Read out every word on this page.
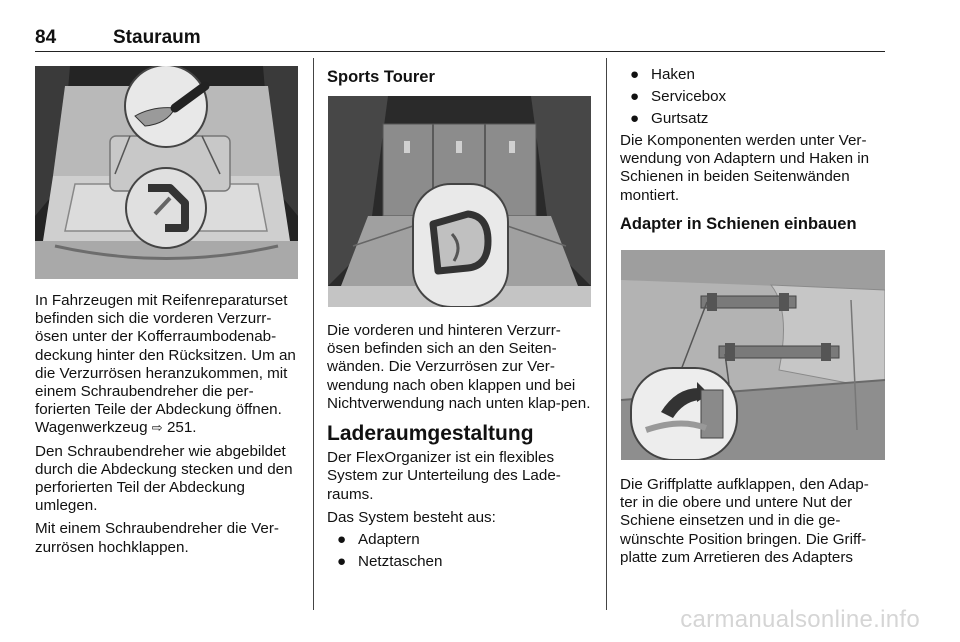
84	Stauraum

In Fahrzeugen mit Reifenreparaturset befinden sich die vorderen Verzurr-ösen unter der Kofferraumbodenab-deckung hinter den Rücksitzen. Um an die Verzurrösen heranzukommen, mit einem Schraubendreher die per-forierten Teile der Abdeckung öffnen. Wagenwerkzeug ⇨ 251.

Den Schraubendreher wie abgebildet durch die Abdeckung stecken und den perforierten Teil der Abdeckung umlegen.

Mit einem Schraubendreher die Ver-zurrösen hochklappen.

Sports Tourer

Die vorderen und hinteren Verzurr-ösen befinden sich an den Seiten-wänden. Die Verzurrösen zur Ver-wendung nach oben klappen und bei Nichtverwendung nach unten klap-pen.

Laderaumgestaltung

Der FlexOrganizer ist ein flexibles System zur Unterteilung des Lade-raums.

Das System besteht aus:

● Adaptern
● Netztaschen
● Haken
● Servicebox
● Gurtsatz

Die Komponenten werden unter Ver-wendung von Adaptern und Haken in Schienen in beiden Seitenwänden montiert.

Adapter in Schienen einbauen

Die Griffplatte aufklappen, den Adap-ter in die obere und untere Nut der Schiene einsetzen und in die ge-wünschte Position bringen. Die Griff-platte zum Arretieren des Adapters

carmanualsonline.info
